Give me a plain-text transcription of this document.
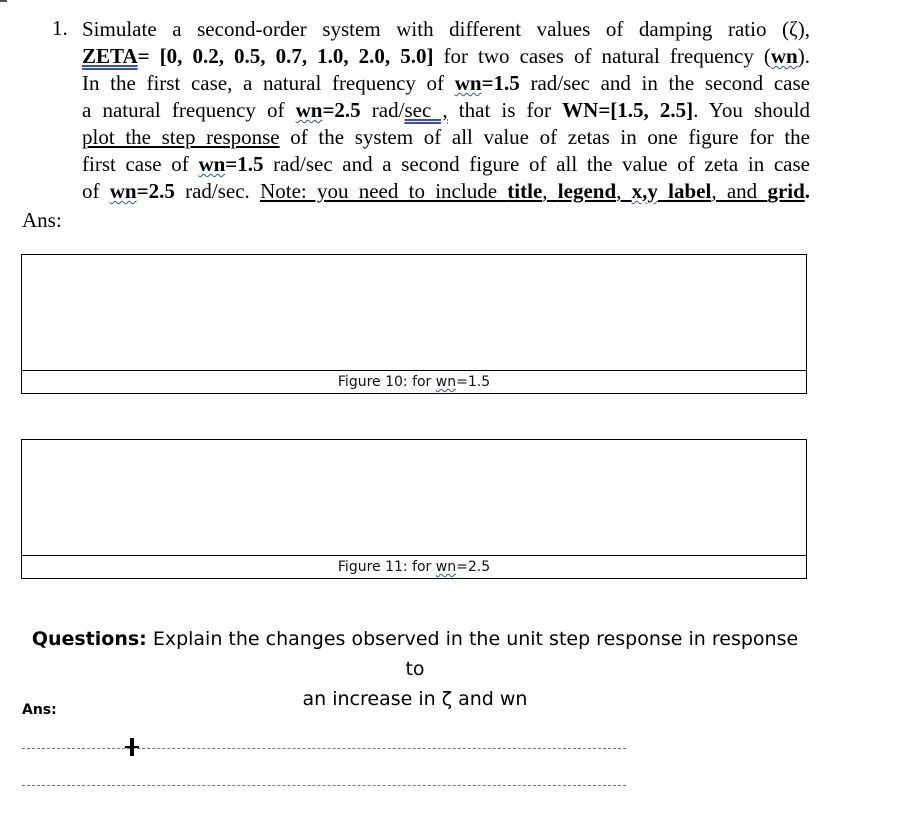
1. Simulate a second-order system with different values of damping ratio (ζ),
ZETA= [0, 0.2, 0.5, 0.7, 1.0, 2.0, 5.0] for two cases of natural frequency (wn).
In the first case, a natural frequency of wn=1.5 rad/sec and in the second case
a natural frequency of wn=2.5 rad/sec , that is for WN=[1.5, 2.5]. You should
plot the step response of the system of all value of zetas in one figure for the
first case of wn=1.5 rad/sec and a second figure of all the value of zeta in case
of wn=2.5 rad/sec. Note: you need to include title, legend, x,y label, and grid.
Ans:
Figure 10: for wn=1.5
Figure 11: for wn=2.5
Questions: Explain the changes observed in the unit step response in response to
an increase in ζ and wn
Ans:
